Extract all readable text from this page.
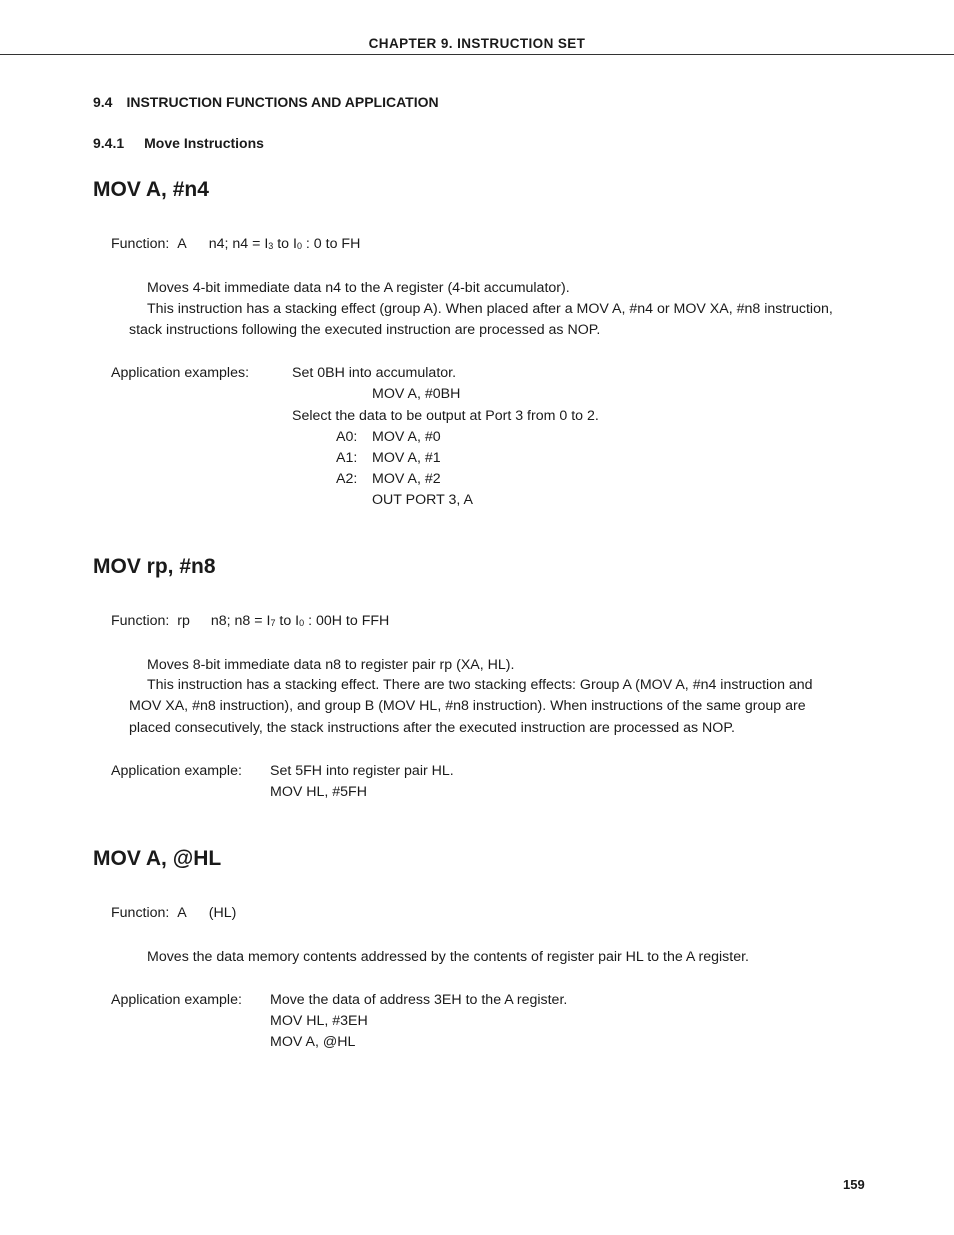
CHAPTER 9. INSTRUCTION SET
9.4 INSTRUCTION FUNCTIONS AND APPLICATION
9.4.1 Move Instructions
MOV A, #n4
Function: A n4; $n4 = I_3$ to $I_0$ : 0 to FH
Moves 4-bit immediate data n4 to the A register (4-bit accumulator).
This instruction has a stacking effect (group A). When placed after a MOV A, #n4 or MOV XA, #n8 instruction,
stack instructions following the executed instruction are processed as NOP.
Application examples:	Set 0BH into accumulator.
MOV A, #0BH
Select the data to be output at Port 3 from 0 to 2.
A0: MOV A, #0
A1: MOV A, #1
A2: MOV A, #2
OUT PORT 3, A
MOV rp, #n8
Function: rp n8; $n8 = I_7$ to $I_0$ : 00H to FFH
Moves 8-bit immediate data n8 to register pair rp (XA, HL).
This instruction has a stacking effect. There are two stacking effects: Group A (MOV A, #n4 instruction and
MOV XA, #n8 instruction), and group B (MOV HL, #n8 instruction). When instructions of the same group are
placed consecutively, the stack instructions after the executed instruction are processed as NOP.
Application example: Set 5FH into register pair HL.
MOV HL, #5FH
MOV A, @HL
Function: A (HL)
Moves the data memory contents addressed by the contents of register pair HL to the A register.
Application example: Move the data of address 3EH to the A register.
MOV HL, #3EH
MOV A, @HL
159
